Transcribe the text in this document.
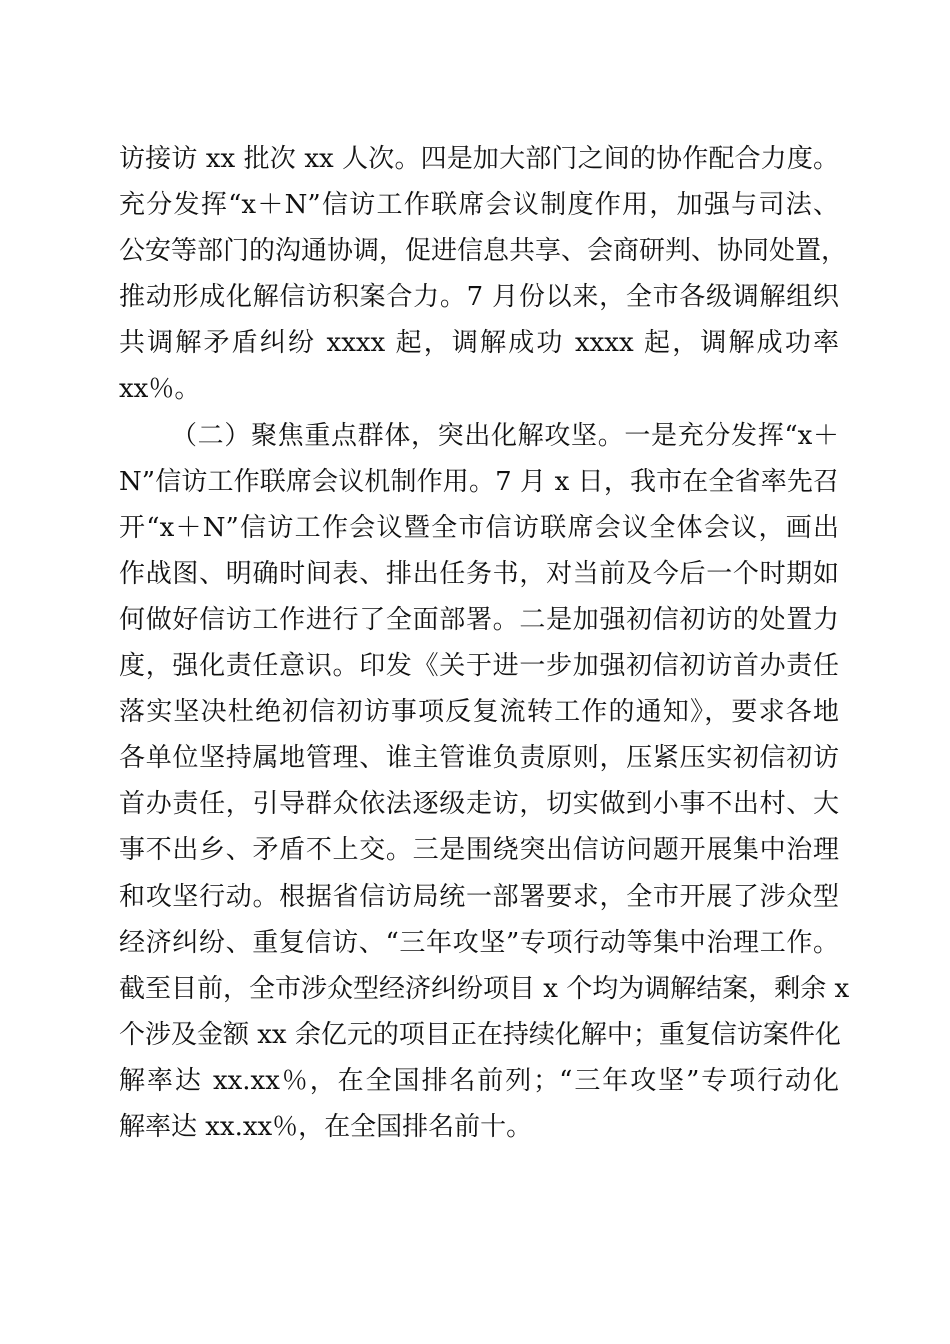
访接访 xx 批次 xx 人次。四是加大部门之间的协作配合力度。
充分发挥“x＋N”信访工作联席会议制度作用，加强与司法、
公安等部门的沟通协调，促进信息共享、会商研判、协同处置，
推动形成化解信访积案合力。7 月份以来，全市各级调解组织
共调解矛盾纠纷 xxxx 起，调解成功 xxxx 起，调解成功率
xx％。
（二）聚焦重点群体，突出化解攻坚。一是充分发挥“x＋
N”信访工作联席会议机制作用。7 月 x 日，我市在全省率先召
开“x＋N”信访工作会议暨全市信访联席会议全体会议，画出
作战图、明确时间表、排出任务书，对当前及今后一个时期如
何做好信访工作进行了全面部署。二是加强初信初访的处置力
度，强化责任意识。印发《关于进一步加强初信初访首办责任
落实坚决杜绝初信初访事项反复流转工作的通知》，要求各地
各单位坚持属地管理、谁主管谁负责原则，压紧压实初信初访
首办责任，引导群众依法逐级走访，切实做到小事不出村、大
事不出乡、矛盾不上交。三是围绕突出信访问题开展集中治理
和攻坚行动。根据省信访局统一部署要求，全市开展了涉众型
经济纠纷、重复信访、“三年攻坚”专项行动等集中治理工作。
截至目前，全市涉众型经济纠纷项目 x 个均为调解结案，剩余 x
个涉及金额 xx 余亿元的项目正在持续化解中；重复信访案件化
解率达 xx.xx％，在全国排名前列；“三年攻坚”专项行动化
解率达 xx.xx％，在全国排名前十。
